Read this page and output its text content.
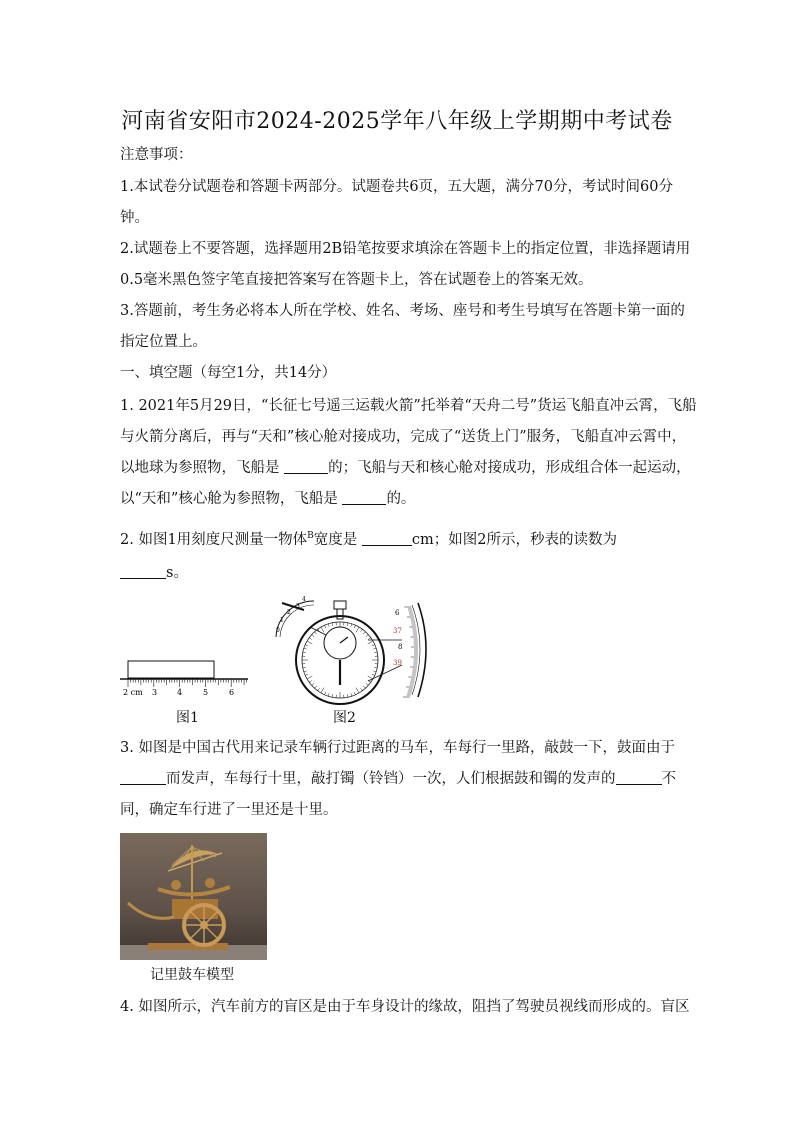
河南省安阳市2024-2025学年八年级上学期期中考试卷
注意事项：
1.本试卷分试题卷和答题卡两部分。试题卷共6页，五大题，满分70分，考试时间60分
钟。
2.试题卷上不要答题，选择题用2B铅笔按要求填涂在答题卡上的指定位置，非选择题请用
0.5毫米黑色签字笔直接把答案写在答题卡上，答在试题卷上的答案无效。
3.答题前，考生务必将本人所在学校、姓名、考场、座号和考生号填写在答题卡第一面的
指定位置上。
一、填空题（每空1分，共14分）
1. 2021年5月29日，“长征七号遥三运载火箭”托举着“天舟二号”货运飞船直冲云霄，飞船
与火箭分离后，再与“天和”核心舱对接成功，完成了“送货上门”服务，飞船直冲云霄中，
以地球为参照物，飞船是	的；飞船与天和核心舱对接成功，形成组合体一起运动，
以“天和”核心舱为参照物，飞船是	的。
2. 如图1用刻度尺测量一物体$^B$宽度是	cm；如图2所示，秒表的读数为
s。
2 cm 3 4	5	6
图1
0
1
2
3
4
6
37
8
39
图2
3. 如图是中国古代用来记录车辆行过距离的马车，车每行一里路，敲鼓一下，鼓面由于
而发声，车每行十里，敲打镯（铃铛）一次，人们根据鼓和镯的发声的	不
同，确定车行进了一里还是十里。
记里鼓车模型
4. 如图所示，汽车前方的盲区是由于车身设计的缘故，阻挡了驾驶员视线而形成的。盲区
